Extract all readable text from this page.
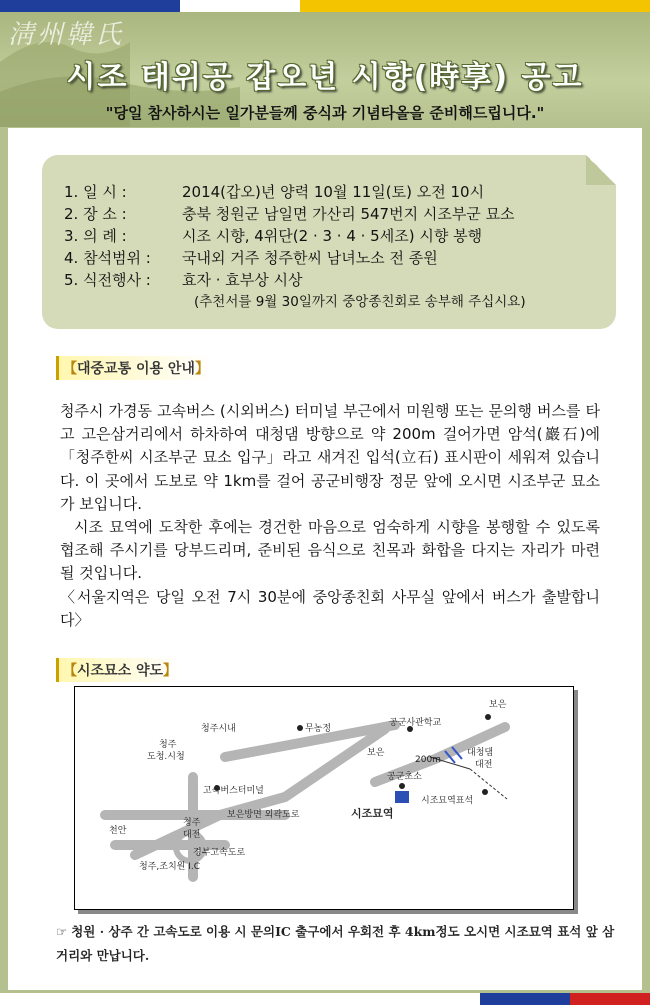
淸州韓氏
시조 태위공 갑오년 시향(時享) 공고
"당일 참사하시는 일가분들께 중식과 기념타올을 준비해드립니다."
1. 일 시 :	2014(갑오)년 양력 10월 11일(토) 오전 10시
2. 장 소 :	충북 청원군 남일면 가산리 547번지 시조부군 묘소
3. 의 례 :	시조 시향, 4위단(2 · 3 · 4 · 5세조) 시향 봉행
4. 참석범위 :	국내외 거주 청주한씨 남녀노소 전 종원
5. 식전행사 :	효자 · 효부상 시상
(추천서를 9월 30일까지 중앙종친회로 송부해 주십시요)
【대중교통 이용 안내】

청주시 가경동 고속버스 (시외버스) 터미널 부근에서 미원행 또는 문의행 버스를 타고 고은삼거리에서 하차하여 대청댐 방향으로 약 200m 걸어가면 암석(巖石)에「청주한씨 시조부군 묘소 입구」라고 새겨진 입석(立石) 표시판이 세워져 있습니다. 이 곳에서 도보로 약 1km를 걸어 공군비행장 정문 앞에 오시면 시조부군 묘소가 보입니다.

시조 묘역에 도착한 후에는 경건한 마음으로 엄숙하게 시향을 봉행할 수 있도록 협조해 주시기를 당부드리며, 준비된 음식으로 친목과 화합을 다지는 자리가 마련될 것입니다.

〈서울지역은 당일 오전 7시 30분에 중앙종친회 사무실 앞에서 버스가 출발합니다〉

【시조묘소 약도】
보은
공군사관학교
청주시내	무농정
대청댐
대전
보은
200m
청주
도청.시청
공군초소
고속버스터미널
시조묘역표석
시조묘역
천안
청주
대전
보은방면 외곽도로
경부고속도로
청주,조치원 I.C
☞ 청원 · 상주 간 고속도로 이용 시 문의IC 출구에서 우회전 후 4km정도 오시면 시조묘역 표석 앞 삼거리와 만납니다.
淸州韓氏
